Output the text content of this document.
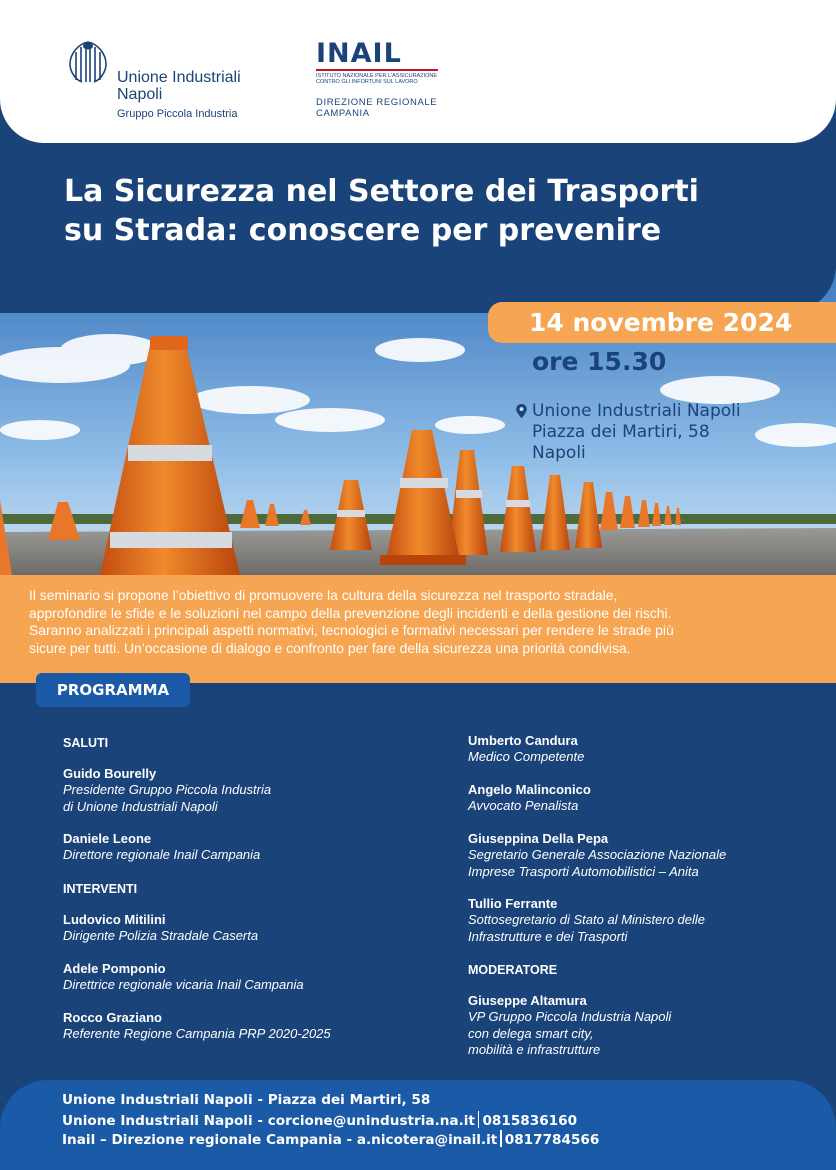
Unione Industriali
Napoli
Gruppo Piccola Industria
INAIL
ISTITUTO NAZIONALE PER L'ASSICURAZIONE
CONTRO GLI INFORTUNI SUL LAVORO
DIREZIONE REGIONALE
CAMPANIA
La Sicurezza nel Settore dei Trasporti
su Strada: conoscere per prevenire
14 novembre 2024
ore 15.30
Unione Industriali Napoli
Piazza dei Martiri, 58
Napoli

Il seminario si propone l’obiettivo di promuovere la cultura della sicurezza nel trasporto stradale,
approfondire le sfide e le soluzioni nel campo della prevenzione degli incidenti e della gestione dei rischi.
Saranno analizzati i principali aspetti normativi, tecnologici e formativi necessari per rendere le strade più
sicure per tutti. Un’occasione di dialogo e confronto per fare della sicurezza una priorità condivisa.

PROGRAMMA
SALUTI
Guido Bourelly
Presidente Gruppo Piccola Industria
di Unione Industriali Napoli
Daniele Leone
Direttore regionale Inail Campania
INTERVENTI
Ludovico Mitilini
Dirigente Polizia Stradale Caserta
Adele Pomponio
Direttrice regionale vicaria Inail Campania
Rocco Graziano
Referente Regione Campania PRP 2020-2025
Umberto Candura
Medico Competente
Angelo Malinconico
Avvocato Penalista
Giuseppina Della Pepa
Segretario Generale Associazione Nazionale
Imprese Trasporti Automobilistici – Anita
Tullio Ferrante
Sottosegretario di Stato al Ministero delle
Infrastrutture e dei Trasporti
MODERATORE
Giuseppe Altamura
VP Gruppo Piccola Industria Napoli
con delega smart city,
mobilità e infrastrutture
Unione Industriali Napoli - Piazza dei Martiri, 58
Unione Industriali Napoli - corcione@unindustria.na.it 0815836160
Inail – Direzione regionale Campania - a.nicotera@inail.it 0817784566
